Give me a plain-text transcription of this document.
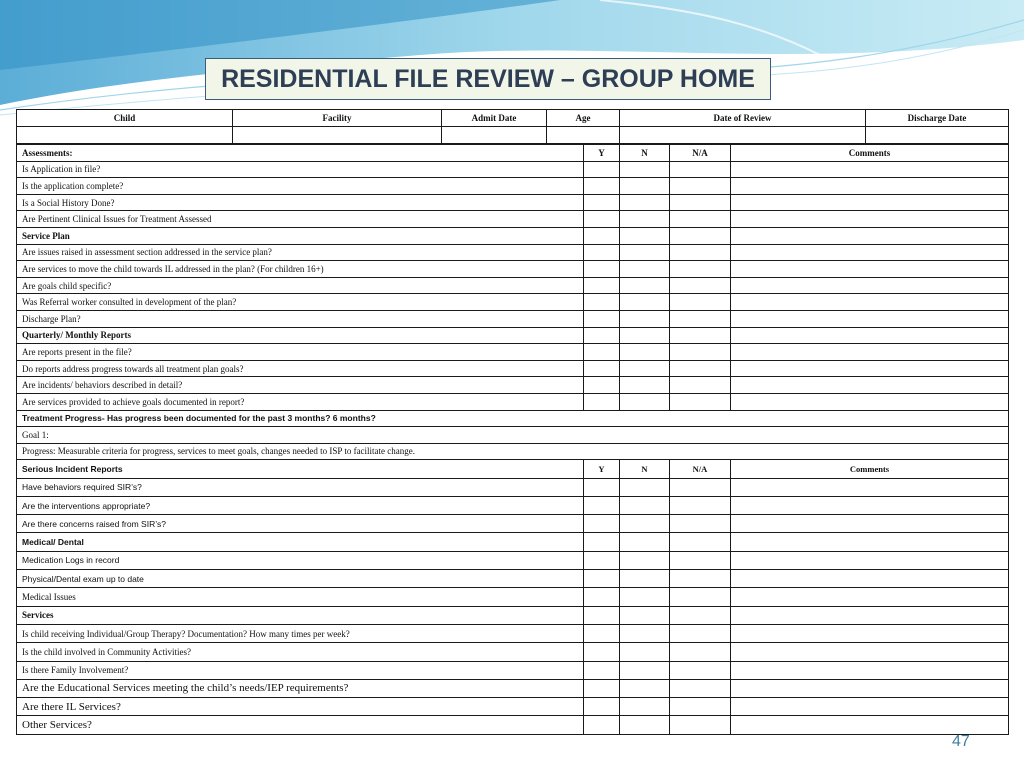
RESIDENTIAL FILE REVIEW – GROUP HOME
Child	Facility	Admit Date	Age	Date of Review	Discharge Date

Assessments:	Y	N	N/A	Comments
Is Application in file?				
Is the application complete?				
Is a Social History Done?				
Are Pertinent Clinical Issues for Treatment Assessed				
Service Plan				
Are issues raised in assessment section addressed in the service plan?				
Are services to move the child towards IL addressed in the plan? (For children 16+)				
Are goals child specific?				
Was Referral worker consulted in development of the plan?				
Discharge Plan?				
Quarterly/ Monthly Reports				
Are reports present in the file?				
Do reports address progress towards all treatment plan goals?				
Are incidents/ behaviors described in detail?				
Are services provided to achieve goals documented in report?				
Treatment Progress- Has progress been documented for the past 3 months? 6 months?				
Goal 1:				
Progress: Measurable criteria for progress, services to meet goals, changes needed to ISP to facilitate change.				
Serious Incident Reports	Y	N	N/A	Comments
Have behaviors required SIR’s?				
Are the interventions appropriate?				
Are there concerns raised from SIR’s?				
Medical/ Dental				
Medication Logs in record				
Physical/Dental exam up to date				
Medical Issues				
Services				
Is child receiving Individual/Group Therapy? Documentation? How many times per week?				
Is the child involved in Community Activities?				
Is there Family Involvement?				
Are the Educational Services meeting the child’s needs/IEP requirements?				
Are there IL Services?				
Other Services?				
47
